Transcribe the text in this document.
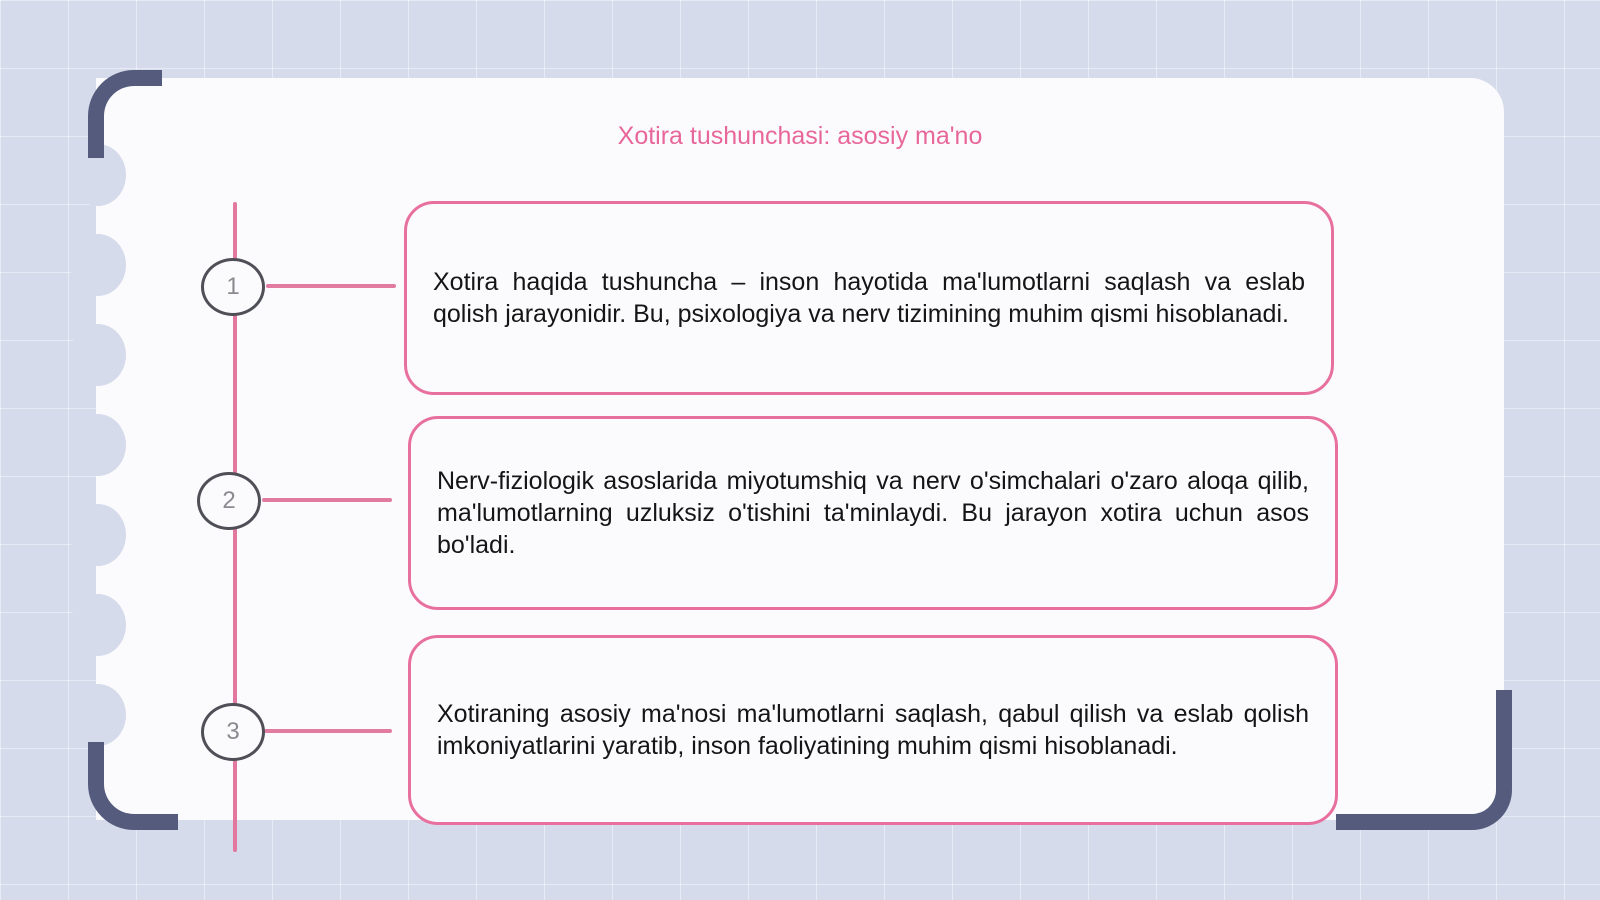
Xotira tushunchasi: asosiy ma'no
1	Xotira haqida tushuncha – inson hayotida ma'lumotlarni saqlash va eslab qolish jarayonidir. Bu, psixologiya va nerv tizimining muhim qismi hisoblanadi.

2

Nerv-fiziologik asoslarida miyotumshiq va nerv o'simchalari o'zaro aloqa qilib, ma'lumotlarning uzluksiz o'tishini ta'minlaydi. Bu jarayon xotira uchun asos bo'ladi.

3

Xotiraning asosiy ma'nosi ma'lumotlarni saqlash, qabul qilish va eslab qolish imkoniyatlarini yaratib, inson faoliyatining muhim qismi hisoblanadi.
